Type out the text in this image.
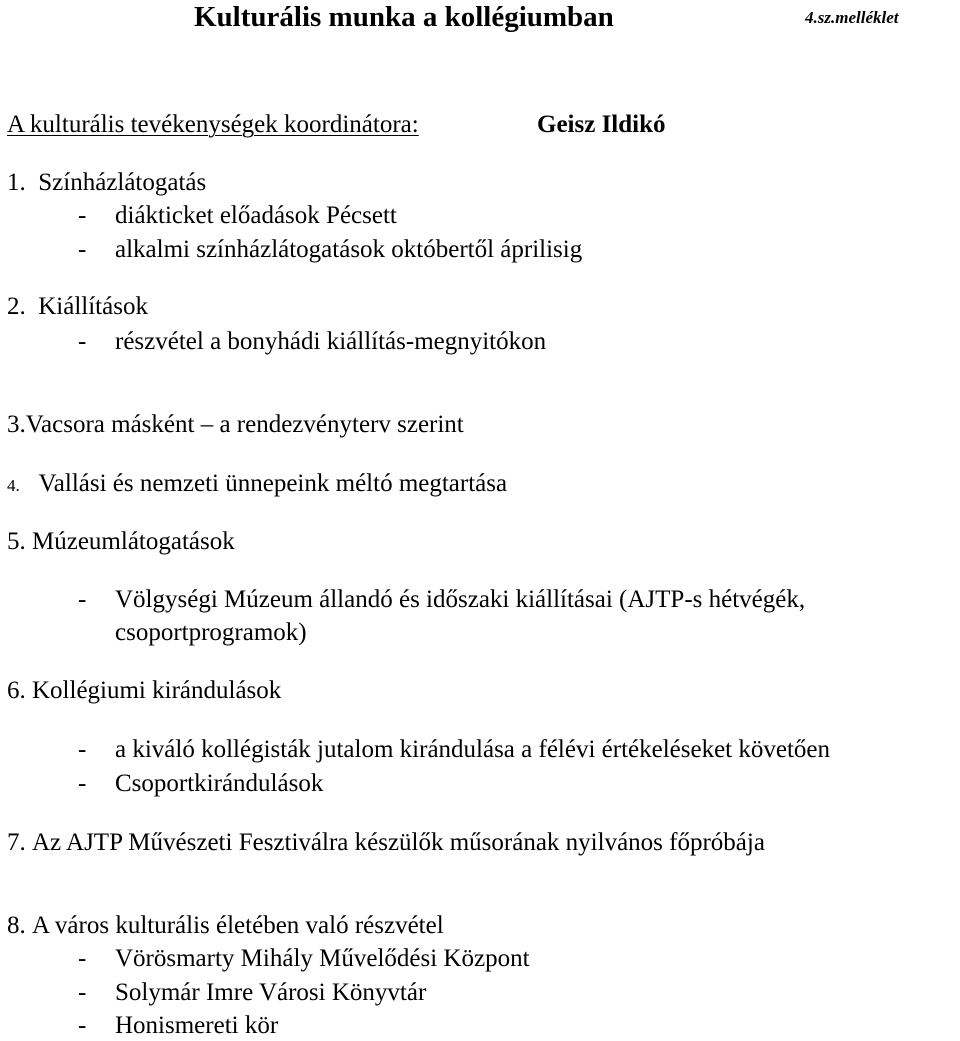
Kulturális munka a kollégiumban	4.sz.melléklet
A kulturális tevékenységek koordinátora:	Geisz Ildikó
1. Színházlátogatás
- diákticket előadások Pécsett
- alkalmi színházlátogatások októbertől áprilisig
2. Kiállítások
- részvétel a bonyhádi kiállítás-megnyitókon
3.Vacsora másként – a rendezvényterv szerint
4. Vallási és nemzeti ünnepeink méltó megtartása
5. Múzeumlátogatások
- Völgységi Múzeum állandó és időszaki kiállításai (AJTP-s hétvégék,
csoportprogramok)
6. Kollégiumi kirándulások
- a kiváló kollégisták jutalom kirándulása a félévi értékeléseket követően
- Csoportkirándulások
7. Az AJTP Művészeti Fesztiválra készülők műsorának nyilvános főpróbája
8. A város kulturális életében való részvétel
- Vörösmarty Mihály Művelődési Központ
- Solymár Imre Városi Könyvtár
- Honismereti kör
